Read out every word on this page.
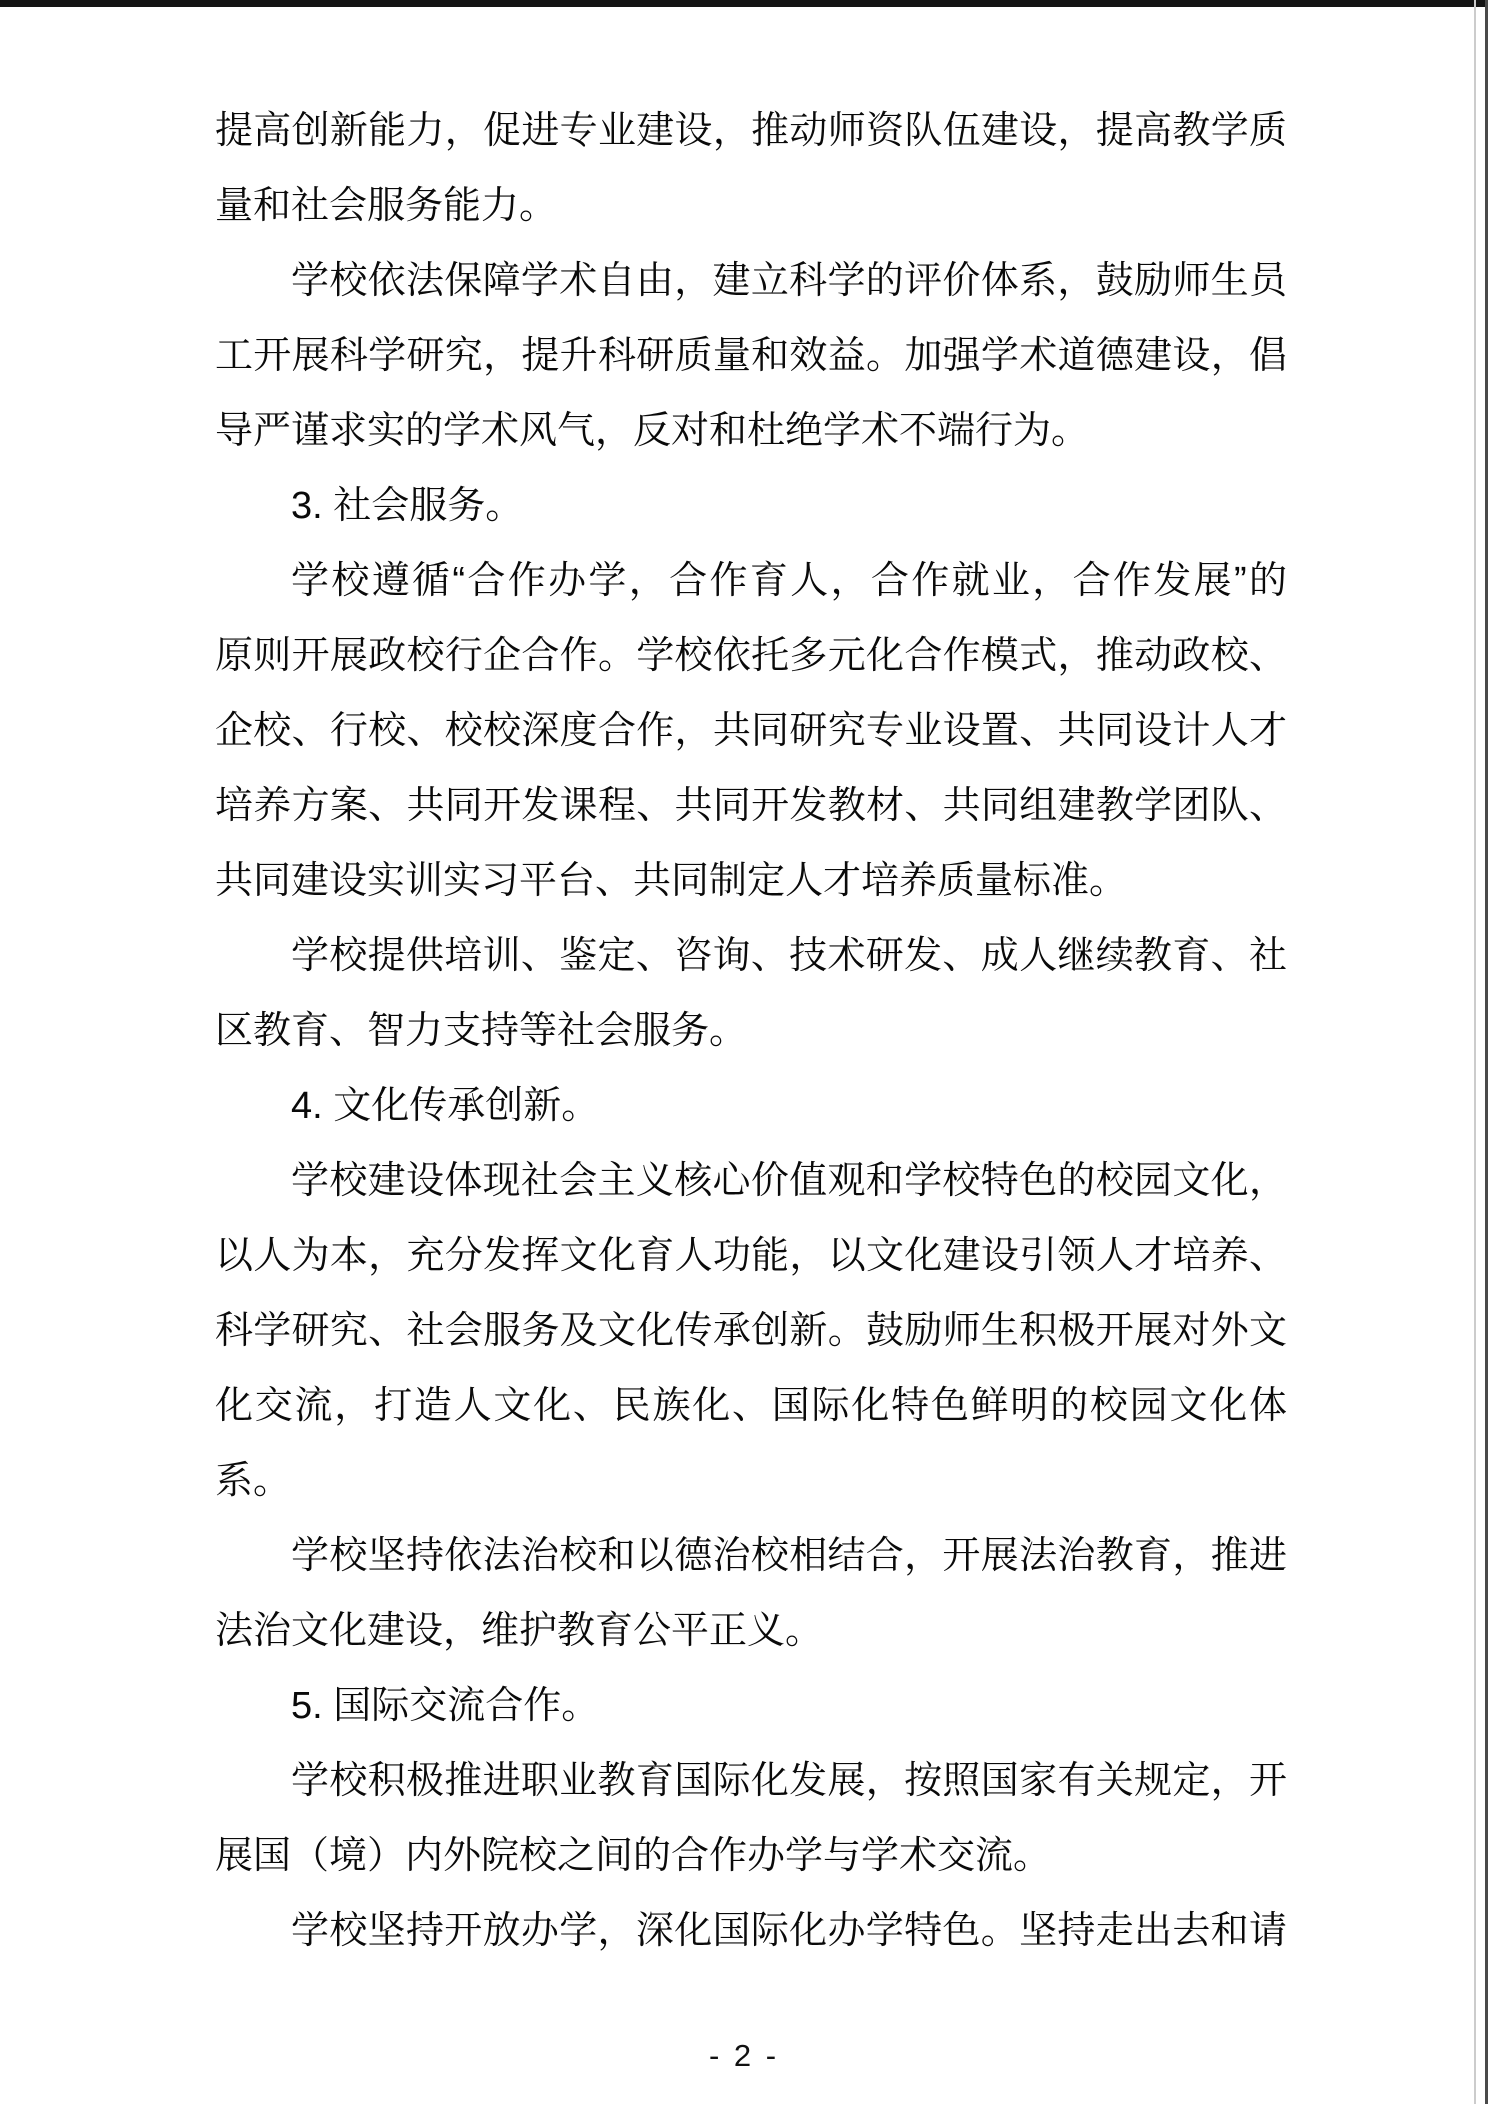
提高创新能力，促进专业建设，推动师资队伍建设，提高教学质
量和社会服务能力。
学校依法保障学术自由，建立科学的评价体系，鼓励师生员
工开展科学研究，提升科研质量和效益。加强学术道德建设，倡
导严谨求实的学术风气，反对和杜绝学术不端行为。
3. 社会服务。
学校遵循“合作办学，合作育人，合作就业，合作发展”的
原则开展政校行企合作。学校依托多元化合作模式，推动政校、
企校、行校、校校深度合作，共同研究专业设置、共同设计人才
培养方案、共同开发课程、共同开发教材、共同组建教学团队、
共同建设实训实习平台、共同制定人才培养质量标准。
学校提供培训、鉴定、咨询、技术研发、成人继续教育、社
区教育、智力支持等社会服务。
4. 文化传承创新。
学校建设体现社会主义核心价值观和学校特色的校园文化，
以人为本，充分发挥文化育人功能，以文化建设引领人才培养、
科学研究、社会服务及文化传承创新。鼓励师生积极开展对外文
化交流，打造人文化、民族化、国际化特色鲜明的校园文化体
系。
学校坚持依法治校和以德治校相结合，开展法治教育，推进
法治文化建设，维护教育公平正义。
5. 国际交流合作。
学校积极推进职业教育国际化发展，按照国家有关规定，开
展国（境）内外院校之间的合作办学与学术交流。
学校坚持开放办学，深化国际化办学特色。坚持走出去和请
- 2 -
